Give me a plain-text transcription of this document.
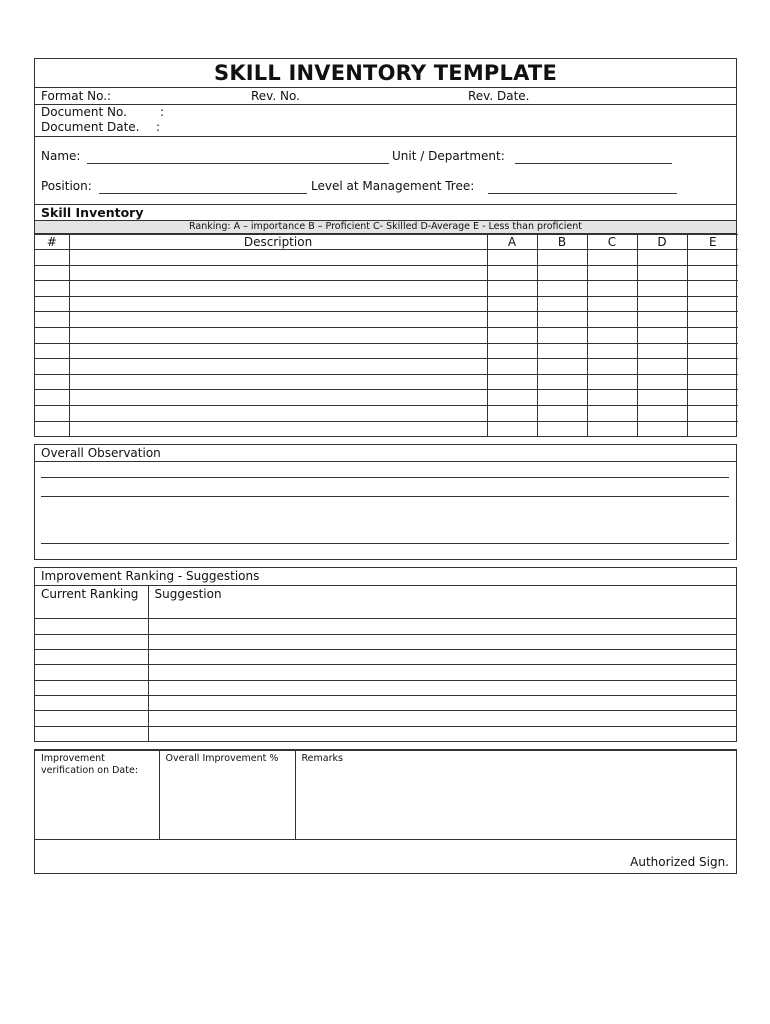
SKILL INVENTORY TEMPLATE
Format No.:	Rev. No.	Rev. Date.
Document No.	:
Document Date. :
Name:	Unit / Department:
Position:	Level at Management Tree:
Skill Inventory
Ranking: A – importance B – Proficient C- Skilled D-Average E - Less than proficient
#	Description	A	B	C	D	E

Overall Observation
Improvement Ranking - Suggestions
Current Ranking	Suggestion

Improvement verification on Date:	Overall Improvement %	Remarks
Authorized Sign.
